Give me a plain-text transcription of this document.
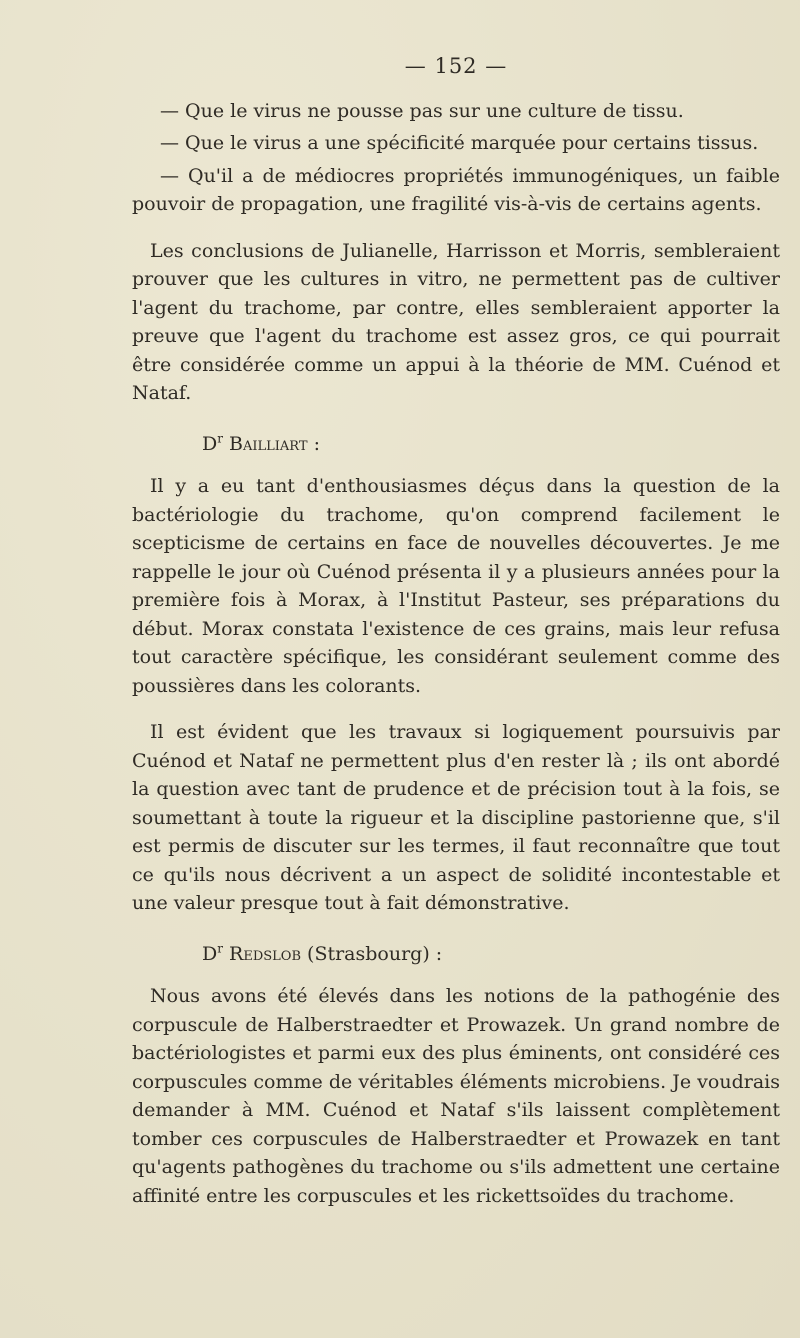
— 152 —

— Que le virus ne pousse pas sur une culture de tissu.

— Que le virus a une spécificité marquée pour certains tissus.

— Qu'il a de médiocres propriétés immunogéniques, un faible pouvoir de propagation, une fragilité vis-à-vis de certains agents.

Les conclusions de Julianelle, Harrisson et Morris, sembleraient prouver que les cultures in vitro, ne permettent pas de cultiver l'agent du trachome, par contre, elles sembleraient apporter la preuve que l'agent du trachome est assez gros, ce qui pourrait être considérée comme un appui à la théorie de MM. Cuénod et Nataf.

$D^r$ Bailliart :

Il y a eu tant d'enthousiasmes déçus dans la question de la bactériologie du trachome, qu'on comprend facilement le scepticisme de certains en face de nouvelles découvertes. Je me rappelle le jour où Cuénod présenta il y a plusieurs années pour la première fois à Morax, à l'Institut Pasteur, ses préparations du début. Morax constata l'existence de ces grains, mais leur refusa tout caractère spécifique, les considérant seulement comme des poussières dans les colorants.

Il est évident que les travaux si logiquement poursuivis par Cuénod et Nataf ne permettent plus d'en rester là ; ils ont abordé la question avec tant de prudence et de précision tout à la fois, se soumettant à toute la rigueur et la discipline pastorienne que, s'il est permis de discuter sur les termes, il faut reconnaître que tout ce qu'ils nous décrivent a un aspect de solidité incontestable et une valeur presque tout à fait démonstrative.

$D^r$ Redslob (Strasbourg) :

Nous avons été élevés dans les notions de la pathogénie des corpuscule de Halberstraedter et Prowazek. Un grand nombre de bactériologistes et parmi eux des plus éminents, ont considéré ces corpuscules comme de véritables éléments microbiens. Je voudrais demander à MM. Cuénod et Nataf s'ils laissent complètement tomber ces corpuscules de Halberstraedter et Prowazek en tant qu'agents pathogènes du trachome ou s'ils admettent une certaine affinité entre les corpuscules et les rickettsoïdes du trachome.
